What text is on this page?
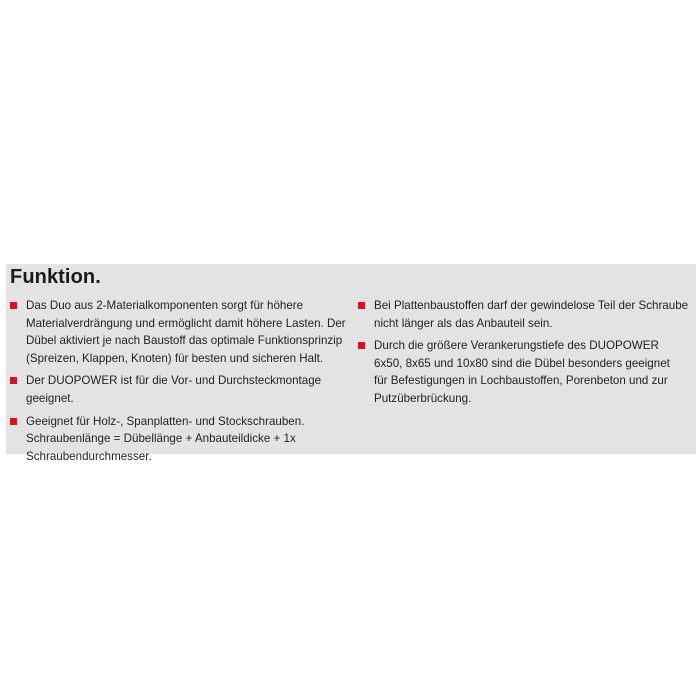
Funktion.
Das Duo aus 2-Materialkomponenten sorgt für höhere
Materialverdrängung und ermöglicht damit höhere Lasten. Der
Dübel aktiviert je nach Baustoff das optimale Funktionsprinzip
(Spreizen, Klappen, Knoten) für besten und sicheren Halt.
Der DUOPOWER ist für die Vor- und Durchsteckmontage
geeignet.
Geeignet für Holz-, Spanplatten- und Stockschrauben.
Schraubenlänge = Dübellänge + Anbauteildicke + 1x
Schraubendurchmesser.
Bei Plattenbaustoffen darf der gewindelose Teil der Schraube
nicht länger als das Anbauteil sein.
Durch die größere Verankerungstiefe des DUOPOWER
6x50, 8x65 und 10x80 sind die Dübel besonders geeignet
für Befestigungen in Lochbaustoffen, Porenbeton und zur
Putzüberbrückung.
